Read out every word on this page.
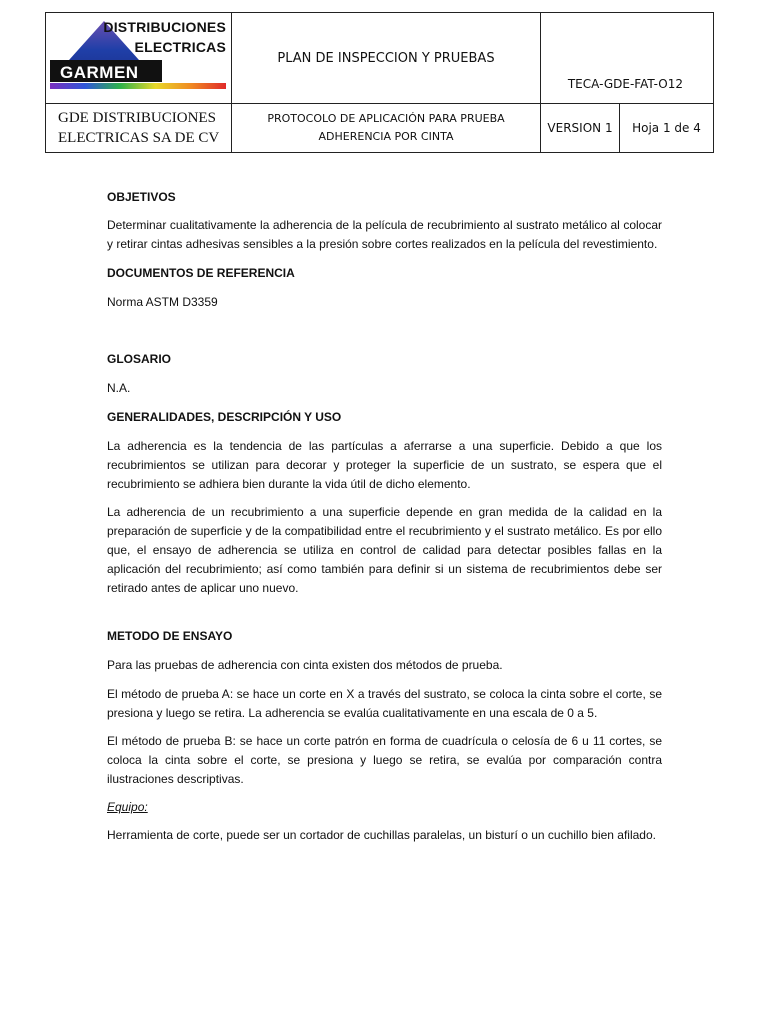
DISTRIBUCIONES
ELECTRICAS
GARMEN	PLAN DE INSPECCION Y PRUEBAS	TECA-GDE-FAT-O12	
GDE DISTRIBUCIONES
ELECTRICAS SA DE CV	PROTOCOLO DE APLICACIÓN PARA PRUEBA
ADHERENCIA POR CINTA	VERSION 1	Hoja 1 de 4

OBJETIVOS

Determinar cualitativamente la adherencia de la película de recubrimiento al sustrato metálico al colocar y retirar cintas adhesivas sensibles a la presión sobre cortes realizados en la película del revestimiento.

DOCUMENTOS DE REFERENCIA

Norma ASTM D3359

GLOSARIO

N.A.

GENERALIDADES, DESCRIPCIÓN Y USO

La adherencia es la tendencia de las partículas a aferrarse a una superficie. Debido a que los recubrimientos se utilizan para decorar y proteger la superficie de un sustrato, se espera que el recubrimiento se adhiera bien durante la vida útil de dicho elemento.

La adherencia de un recubrimiento a una superficie depende en gran medida de la calidad en la preparación de superficie y de la compatibilidad entre el recubrimiento y el sustrato metálico. Es por ello que, el ensayo de adherencia se utiliza en control de calidad para detectar posibles fallas en la aplicación del recubrimiento; así como también para definir si un sistema de recubrimientos debe ser retirado antes de aplicar uno nuevo.

METODO DE ENSAYO

Para las pruebas de adherencia con cinta existen dos métodos de prueba.

El método de prueba A: se hace un corte en X a través del sustrato, se coloca la cinta sobre el corte, se presiona y luego se retira. La adherencia se evalúa cualitativamente en una escala de 0 a 5.

El método de prueba B: se hace un corte patrón en forma de cuadrícula o celosía de 6 u 11 cortes, se coloca la cinta sobre el corte, se presiona y luego se retira, se evalúa por comparación contra ilustraciones descriptivas.

Equipo:

Herramienta de corte, puede ser un cortador de cuchillas paralelas, un bisturí o un cuchillo bien afilado.
